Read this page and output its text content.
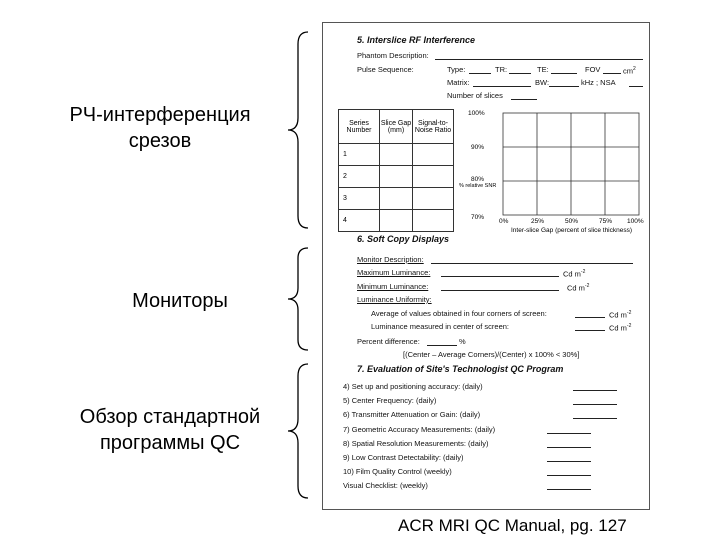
РЧ-интерференция срезов
Мониторы
Обзор стандартной программы QC
5. Interslice RF Interference
Phantom Description:
Pulse Sequence:	Type:	TR:	TE:	FOV	$cm^2$
Matrix:	BW:	kHz ; NSA
Number of slices
Series Number	Slice Gap (mm)	Signal-to-Noise Ratio
1		
2		
3		
4		
100%
90%
80%
% relative SNR
70%
0%	25%	50%	75% 100%
Inter-slice Gap (percent of slice thickness)
6. Soft Copy Displays
Monitor Description:
Maximum Luminance:	Cd $m^{-2}$
Minimum Luminance:	Cd $m^{-2}$
Luminance Uniformity:
Average of values obtained in four corners of screen:	Cd $m^{-2}$
Luminance measured in center of screen:	Cd $m^{-2}$
Percent difference:	%
[(Center – Average Corners)/(Center) x 100% < 30%]
7. Evaluation of Site's Technologist QC Program
4) Set up and positioning accuracy: (daily)
5) Center Frequency: (daily)
6) Transmitter Attenuation or Gain: (daily)
7) Geometric Accuracy Measurements: (daily)
8) Spatial Resolution Measurements: (daily)
9) Low Contrast Detectability: (daily)
10) Film Quality Control (weekly)
Visual Checklist: (weekly)
ACR MRI QC Manual, pg. 127
